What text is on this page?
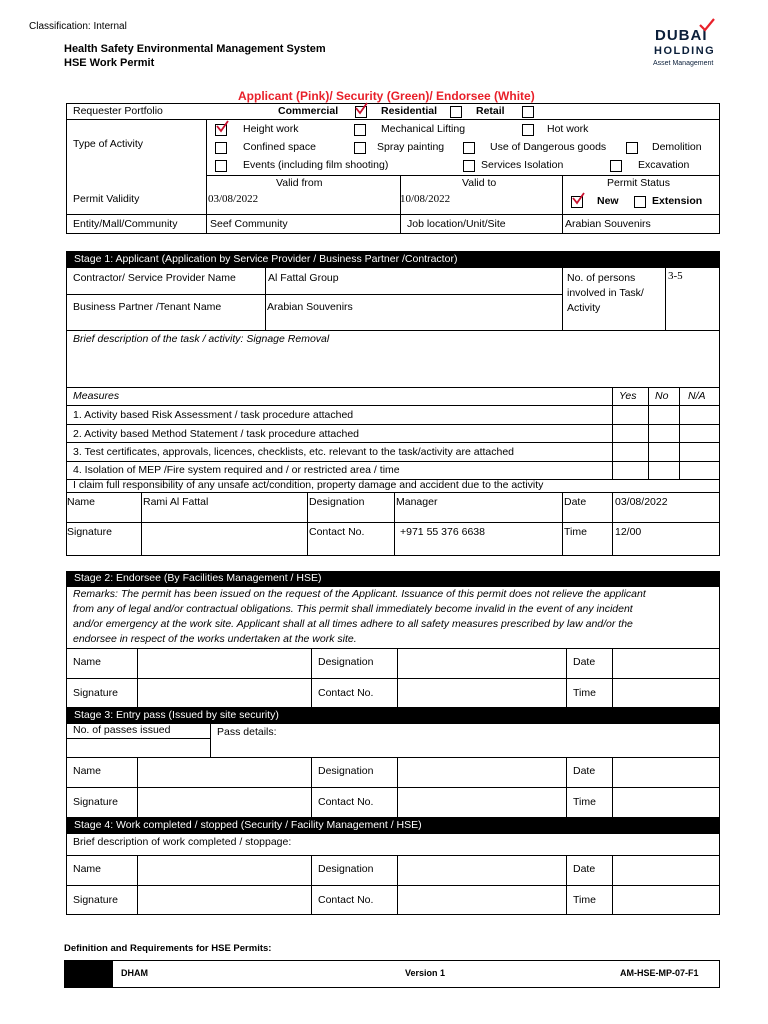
Classification: Internal
Health Safety Environmental Management System
HSE Work Permit
DUBAI
HOLDING
Asset Management
Applicant (Pink)/ Security (Green)/ Endorsee (White)
Requester Portfolio	Commercial	Residential	Retail
Type of Activity
Height work	Mechanical Lifting	Hot work
Confined space	Spray painting	Use of Dangerous goods	Demolition
Events (including film shooting)	Services Isolation	Excavation
Permit Validity
Valid from	Valid to	Permit Status
03/08/2022	10/08/2022	New	Extension
Entity/Mall/Community	Seef Community	Job location/Unit/Site	Arabian Souvenirs
Stage 1: Applicant (Application by Service Provider / Business Partner /Contractor)
Contractor/ Service Provider Name	Al Fattal Group	No. of persons
involved in Task/
Activity
3-5
Business Partner /Tenant Name	Arabian Souvenirs
Brief description of the task / activity: Signage Removal
Measures	Yes No N/A
1. Activity based Risk Assessment / task procedure attached
2. Activity based Method Statement / task procedure attached
3. Test certificates, approvals, licences, checklists, etc. relevant to the task/activity are attached
4. Isolation of MEP /Fire system required and / or restricted area / time
I claim full responsibility of any unsafe act/condition, property damage and accident due to the activity
Name	Rami Al Fattal	Designation	Manager	Date	03/08/2022
Signature	Contact No.	+971 55 376 6638	Time	12/00
Stage 2: Endorsee (By Facilities Management / HSE)
Remarks: The permit has been issued on the request of the Applicant. Issuance of this permit does not relieve the applicant
from any of legal and/or contractual obligations. This permit shall immediately become invalid in the event of any incident
and/or emergency at the work site. Applicant shall at all times adhere to all safety measures prescribed by law and/or the
endorsee in respect of the works undertaken at the work site.
Name	Designation	Date
Signature	Contact No.	Time
Stage 3: Entry pass (Issued by site security)
No. of passes issued	Pass details:
Name	Designation	Date
Signature	Contact No.	Time
Stage 4: Work completed / stopped (Security / Facility Management / HSE)
Brief description of work completed / stoppage:
Name	Designation	Date
Signature	Contact No.	Time
Definition and Requirements for HSE Permits:
DHAM	Version 1	AM-HSE-MP-07-F1
